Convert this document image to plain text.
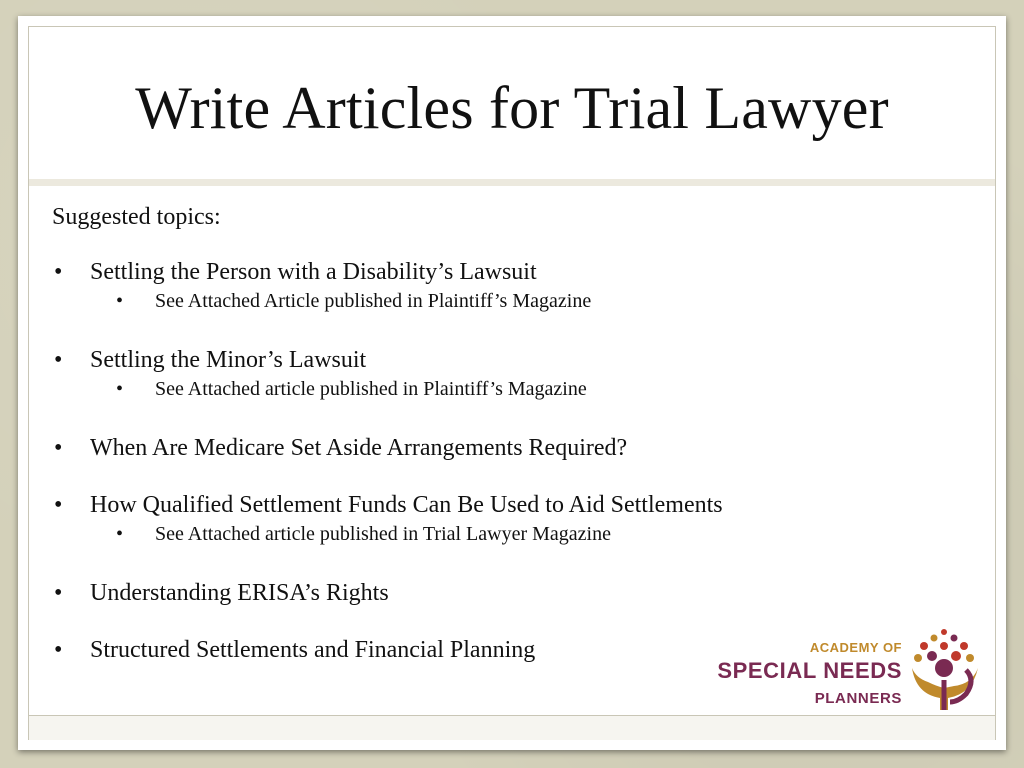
Write Articles for Trial Lawyer

Suggested topics:

• Settling the Person with a Disability’s Lawsuit
• See Attached Article published in Plaintiff’s Magazine
• Settling the Minor’s Lawsuit
• See Attached article published in Plaintiff’s Magazine
• When Are Medicare Set Aside Arrangements Required?
• How Qualified Settlement Funds Can Be Used to Aid Settlements
• See Attached article published in Trial Lawyer Magazine
• Understanding ERISA’s Rights
• Structured Settlements and Financial Planning	ACADEMY OF
SPECIAL NEEDS
PLANNERS
